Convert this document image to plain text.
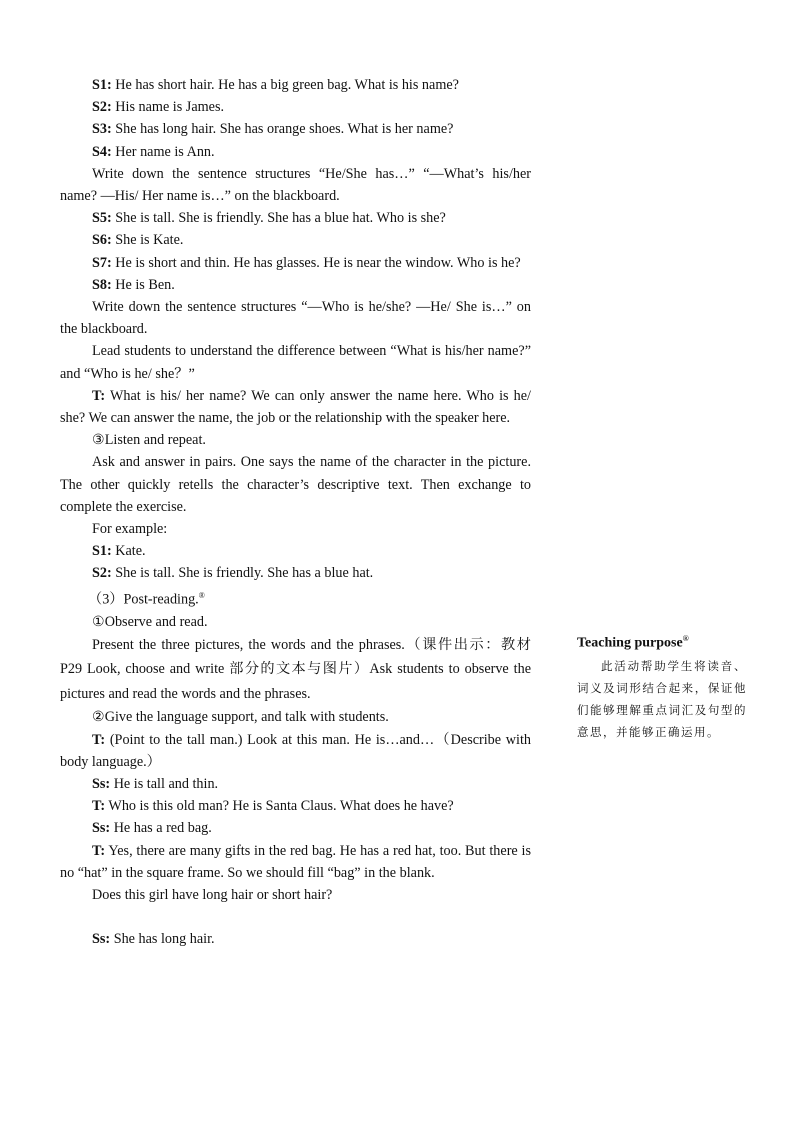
S1: He has short hair. He has a big green bag. What is his name?

S2: His name is James.

S3: She has long hair. She has orange shoes. What is her name?

S4: Her name is Ann.

Write down the sentence structures “He/She has…” “—What’s his/her name? —His/ Her name is…” on the blackboard.

S5: She is tall. She is friendly. She has a blue hat. Who is she?

S6: She is Kate.

S7: He is short and thin. He has glasses. He is near the window. Who is he?

S8: He is Ben.

Write down the sentence structures “—Who is he/she? —He/ She is…” on the blackboard.

Lead students to understand the difference between “What is his/her name?” and “Who is he/ she？”

T: What is his/ her name? We can only answer the name here. Who is he/ she? We can answer the name, the job or the relationship with the speaker here.

③Listen and repeat.

Ask and answer in pairs. One says the name of the character in the picture. The other quickly retells the character’s descriptive text. Then exchange to complete the exercise.

For example:

S1: Kate.

S2: She is tall. She is friendly. She has a blue hat.

（3）Post-reading.®

①Observe and read.

Present the three pictures, the words and the phrases.（课件出示：教材 P29 Look, choose and write 部分的文本与图片）Ask students to observe the pictures and read the words and the phrases.

②Give the language support, and talk with students.

T: (Point to the tall man.) Look at this man. He is…and…（Describe with body language.）

Ss: He is tall and thin.

T: Who is this old man? He is Santa Claus. What does he have?

Ss: He has a red bag.

T: Yes, there are many gifts in the red bag. He has a red hat, too. But there is no “hat” in the square frame. So we should fill “bag” in the blank.

Does this girl have long hair or short hair?

Ss: She has long hair.

Teaching purpose®
此活动帮助学生将读音、词义及词形结合起来，保证他们能够理解重点词汇及句型的意思，并能够正确运用。
